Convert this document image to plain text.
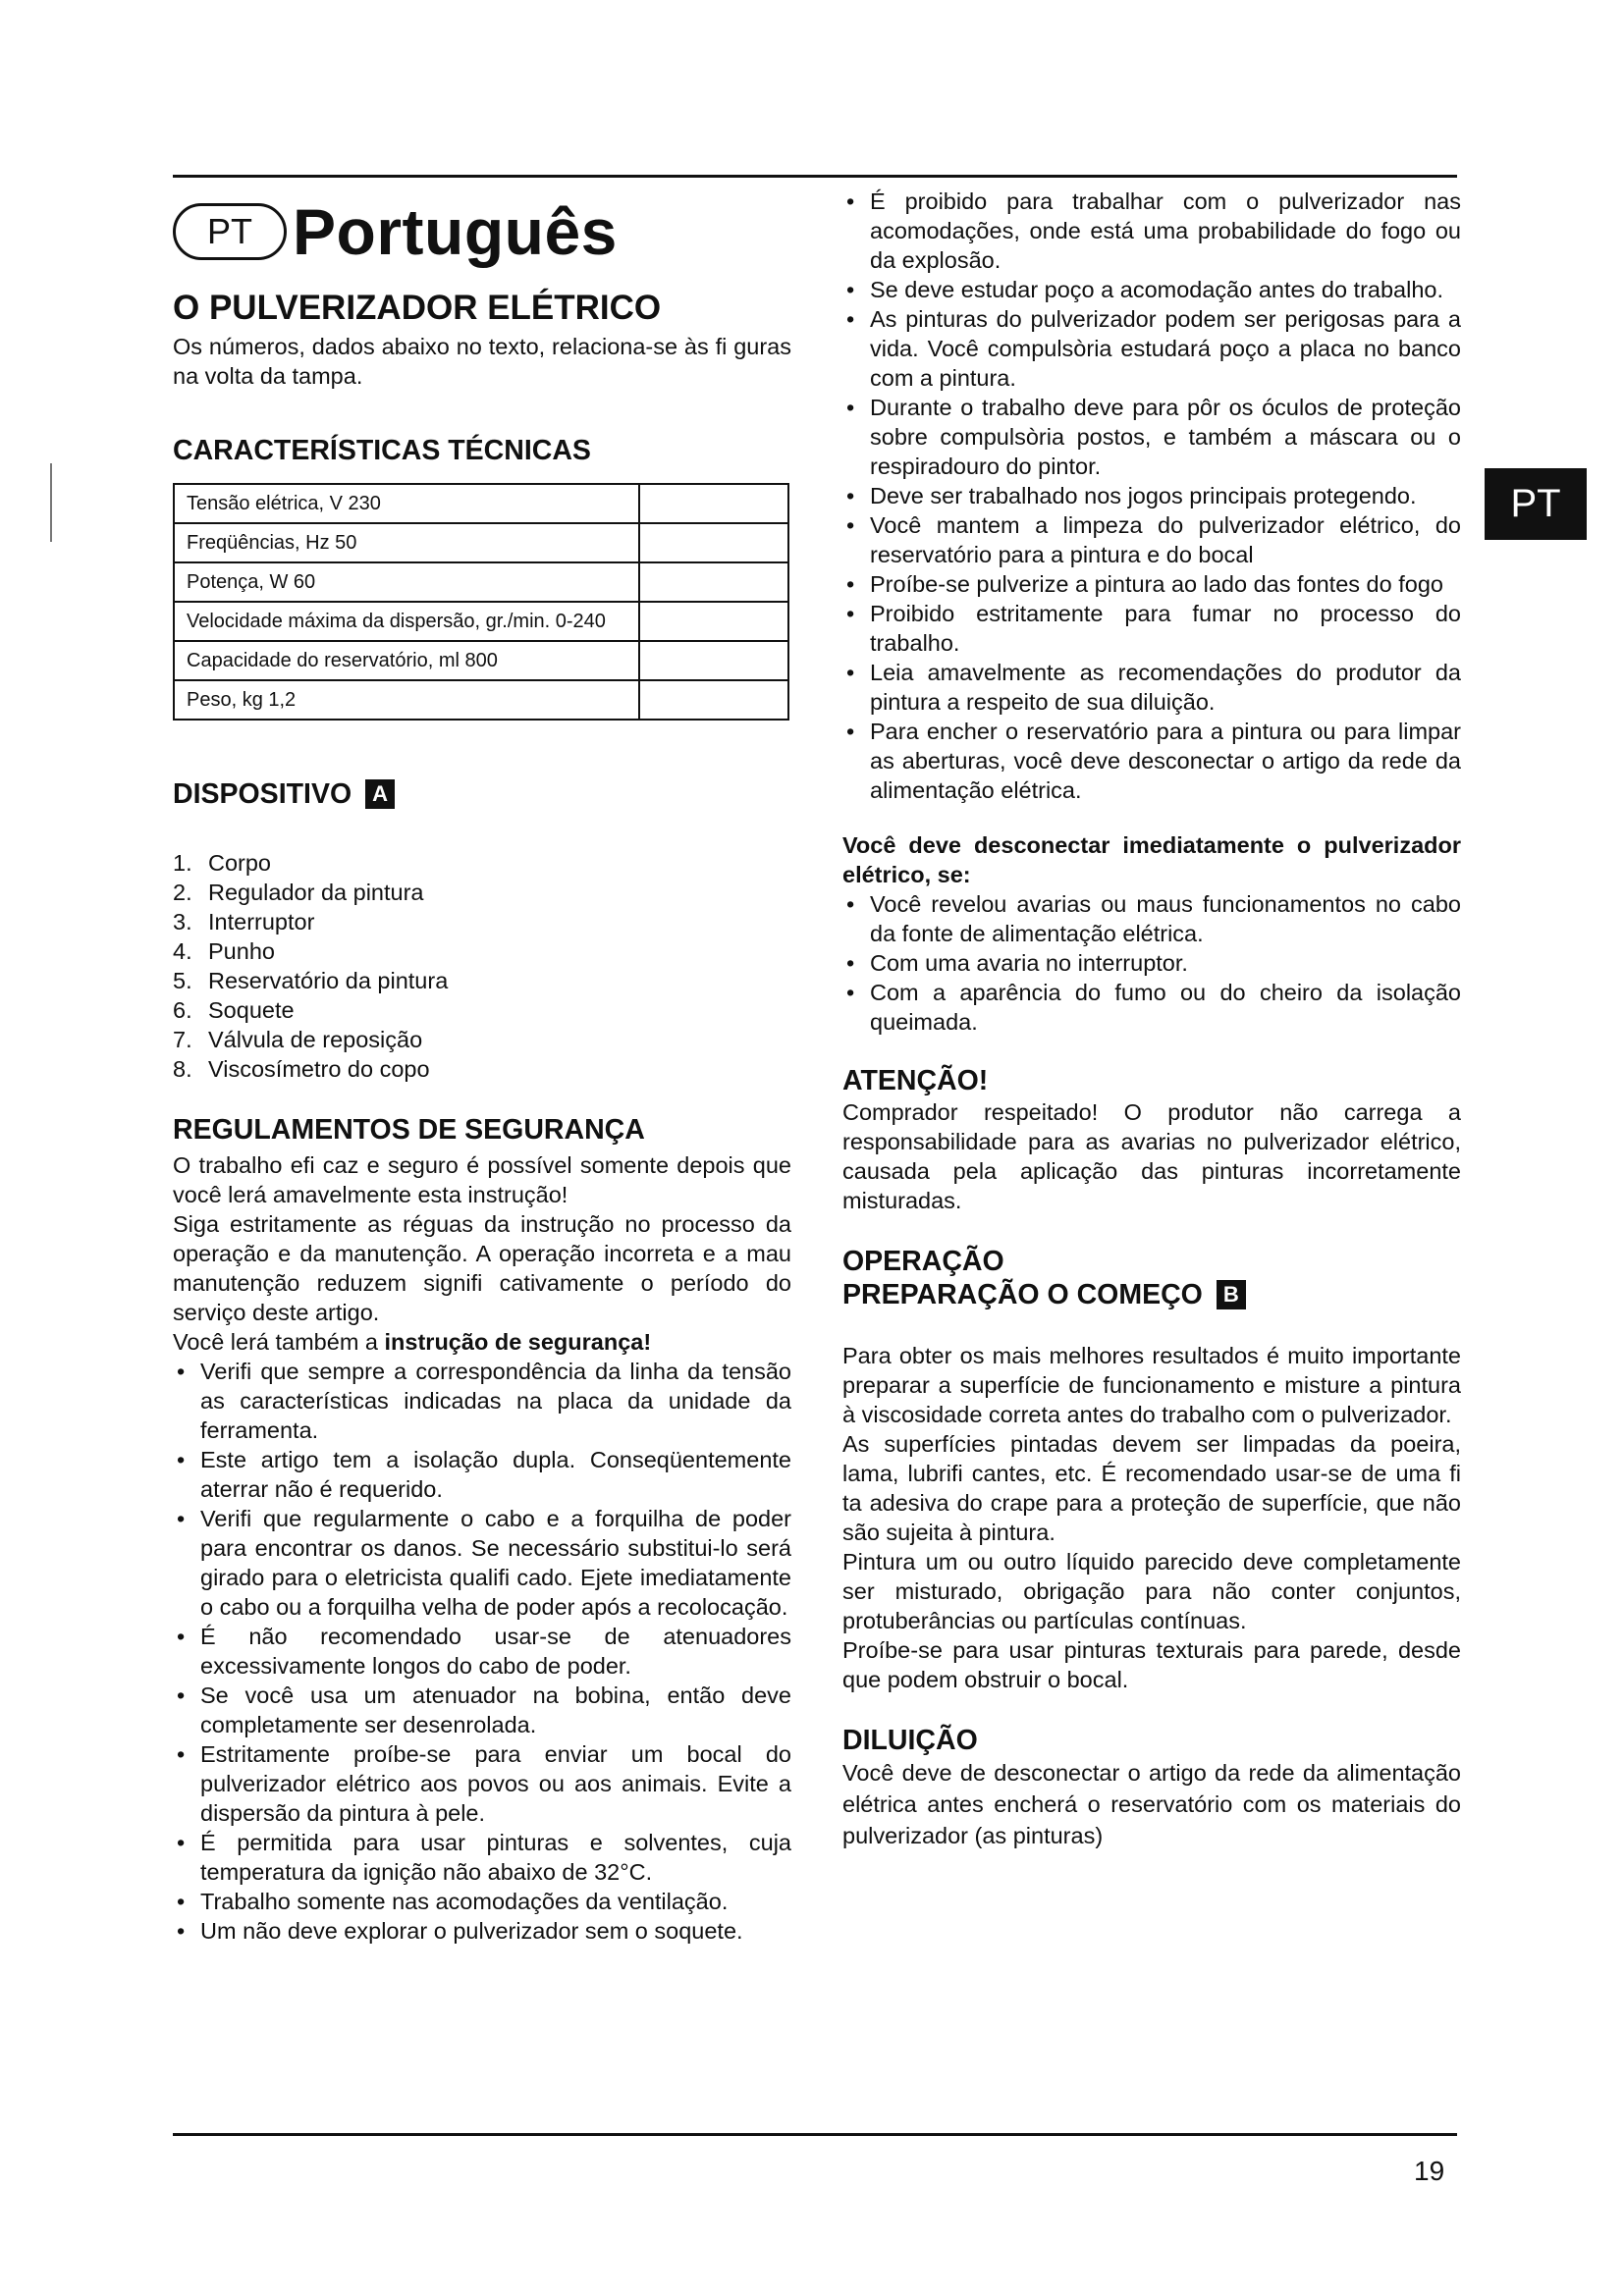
PT
PT Português
O PULVERIZADOR ELÉTRICO

Os números, dados abaixo no texto, relaciona-se às fi guras na volta da tampa.

CARACTERÍSTICAS TÉCNICAS
Tensão elétrica, V 230	
Freqüências, Hz 50	
Potença, W 60	
Velocidade máxima da dispersão, gr./min. 0-240	
Capacidade do reservatório, ml 800	
Peso, kg 1,2	
DISPOSITIVO A
1. Corpo
2. Regulador da pintura
3. Interruptor
4. Punho
5. Reservatório da pintura
6. Soquete
7. Válvula de reposição
8. Viscosímetro do copo
REGULAMENTOS DE SEGURANÇA

O trabalho efi caz e seguro é possível somente depois que você lerá amavelmente esta instrução!

Siga estritamente as réguas da instrução no processo da operação e da manutenção. A operação incorreta e a mau manutenção reduzem signifi cativamente o período do serviço deste artigo.

Você lerá também a instrução de segurança!

• Verifi que sempre a correspondência da linha da tensão as características indicadas na placa da unidade da ferramenta.
• Este artigo tem a isolação dupla. Conseqüentemente aterrar não é requerido.
• Verifi que regularmente o cabo e a forquilha de poder para encontrar os danos. Se necessário substitui-lo será girado para o eletricista qualifi cado. Ejete imediatamente o cabo ou a forquilha velha de poder após a recolocação.
• É não recomendado usar-se de atenuadores excessivamente longos do cabo de poder.
• Se você usa um atenuador na bobina, então deve completamente ser desenrolada.
• Estritamente proíbe-se para enviar um bocal do pulverizador elétrico aos povos ou aos animais. Evite a dispersão da pintura à pele.
• É permitida para usar pinturas e solventes, cuja temperatura da ignição não abaixo de 32°C.
• Trabalho somente nas acomodações da ventilação.
• Um não deve explorar o pulverizador sem o soquete.
• É proibido para trabalhar com o pulverizador nas acomodações, onde está uma probabilidade do fogo ou da explosão.
• Se deve estudar poço a acomodação antes do trabalho.
• As pinturas do pulverizador podem ser perigosas para a vida. Você compulsòria estudará poço a placa no banco com a pintura.
• Durante o trabalho deve para pôr os óculos de proteção sobre compulsòria postos, e também a máscara ou o respiradouro do pintor.
• Deve ser trabalhado nos jogos principais protegendo.
• Você mantem a limpeza do pulverizador elétrico, do reservatório para a pintura e do bocal
• Proíbe-se pulverize a pintura ao lado das fontes do fogo
• Proibido estritamente para fumar no processo do trabalho.
• Leia amavelmente as recomendações do produtor da pintura a respeito de sua diluição.
• Para encher o reservatório para a pintura ou para limpar as aberturas, você deve desconectar o artigo da rede da alimentação elétrica.

Você deve desconectar imediatamente o pulverizador elétrico, se:

• Você revelou avarias ou maus funcionamentos no cabo da fonte de alimentação elétrica.
• Com uma avaria no interruptor.
• Com a aparência do fumo ou do cheiro da isolação queimada.
ATENÇÃO!

Comprador respeitado! O produtor não carrega a responsabilidade para as avarias no pulverizador elétrico, causada pela aplicação das pinturas incorretamente misturadas.

OPERAÇÃO
PREPARAÇÃO O COMEÇO B

Para obter os mais melhores resultados é muito importante preparar a superfície de funcionamento e misture a pintura à viscosidade correta antes do trabalho com o pulverizador.

As superfícies pintadas devem ser limpadas da poeira, lama, lubrifi cantes, etc. É recomendado usar-se de uma fi ta adesiva do crape para a proteção de superfície, que não são sujeita à pintura.

Pintura um ou outro líquido parecido deve completamente ser misturado, obrigação para não conter conjuntos, protuberâncias ou partículas contínuas.

Proíbe-se para usar pinturas texturais para parede, desde que podem obstruir o bocal.

DILUIÇÃO

Você deve de desconectar o artigo da rede da alimentação elétrica antes encherá o reservatório com os materiais do pulverizador (as pinturas)

19
